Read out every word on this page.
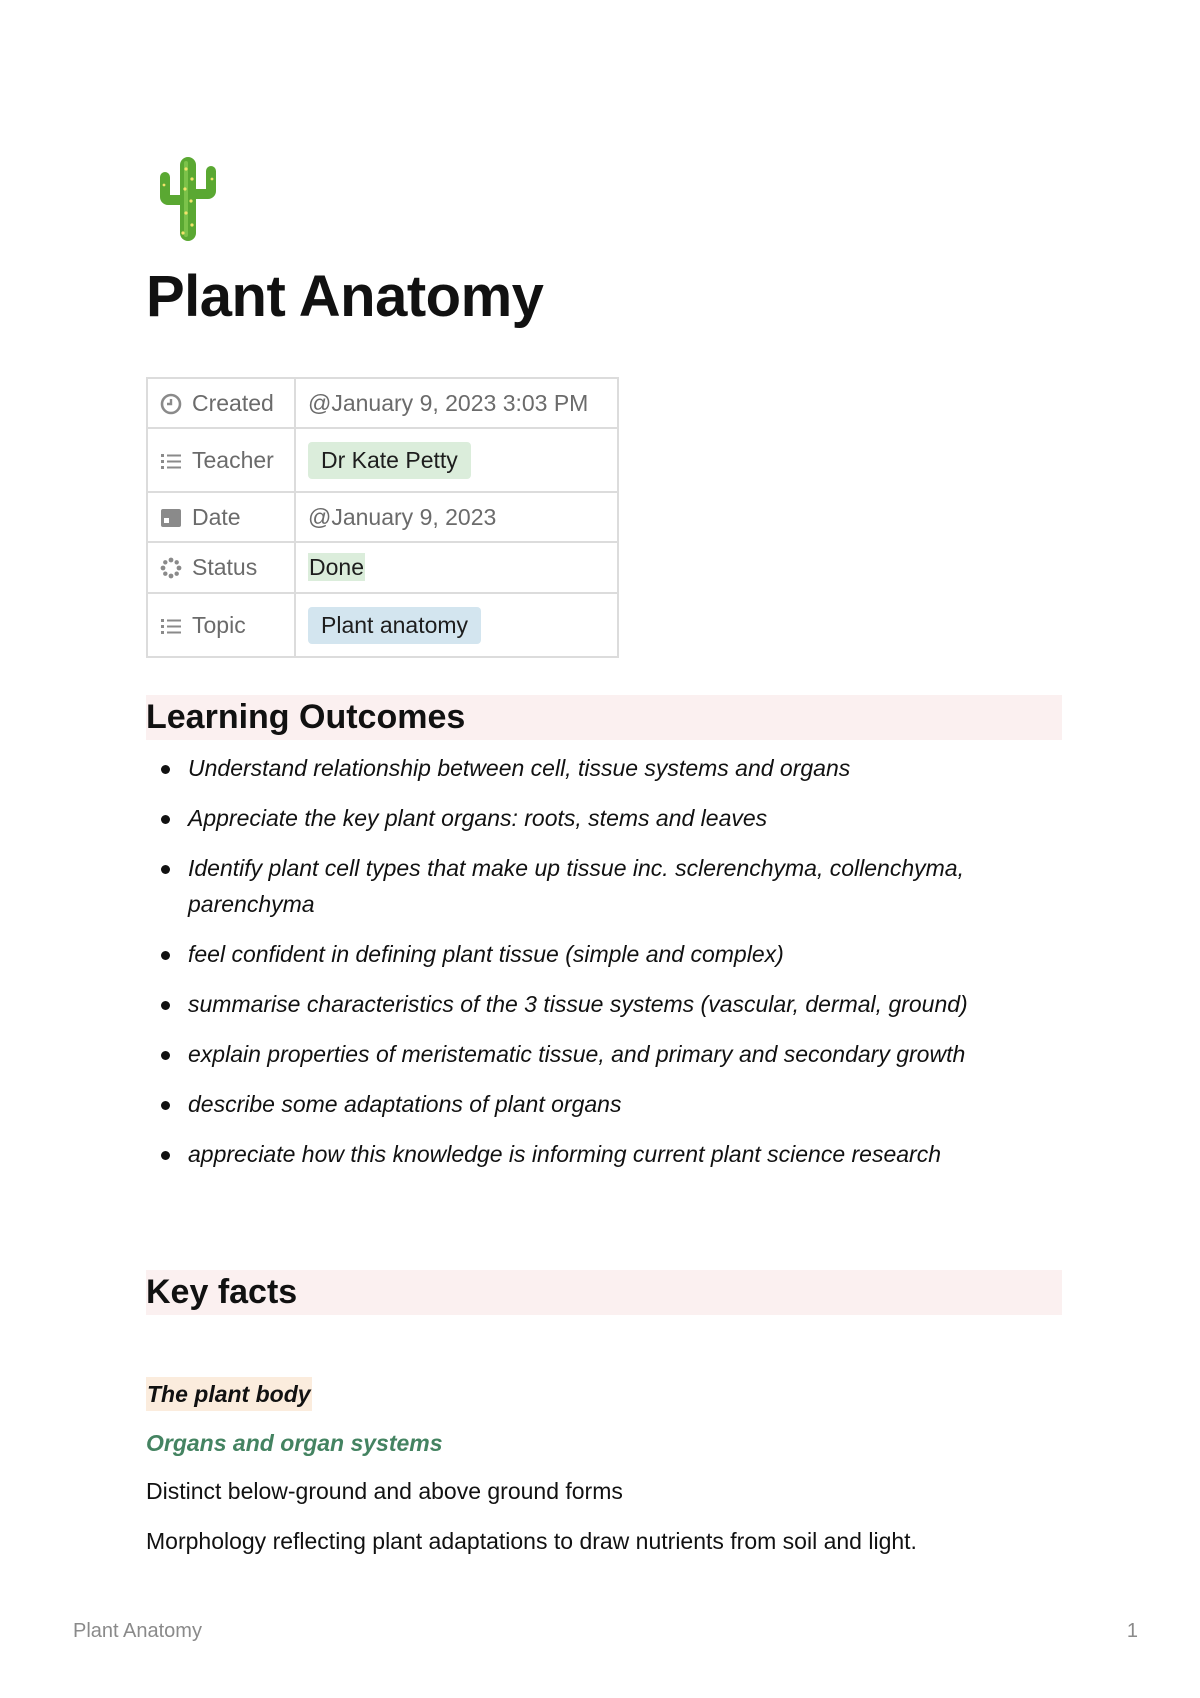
Plant Anatomy
Created	@January 9, 2023 3:03 PM
Teacher	Dr Kate Petty
Date	@January 9, 2023
Status	Done
Topic	Plant anatomy
Learning Outcomes
Understand relationship between cell, tissue systems and organs
Appreciate the key plant organs: roots, stems and leaves
Identify plant cell types that make up tissue inc. sclerenchyma, collenchyma, parenchyma
feel confident in defining plant tissue (simple and complex)
summarise characteristics of the 3 tissue systems (vascular, dermal, ground)
explain properties of meristematic tissue, and primary and secondary growth
describe some adaptations of plant organs
appreciate how this knowledge is informing current plant science research
Key facts
The plant body
Organs and organ systems
Distinct below-ground and above ground forms
Morphology reflecting plant adaptations to draw nutrients from soil and light.
Plant Anatomy	1
